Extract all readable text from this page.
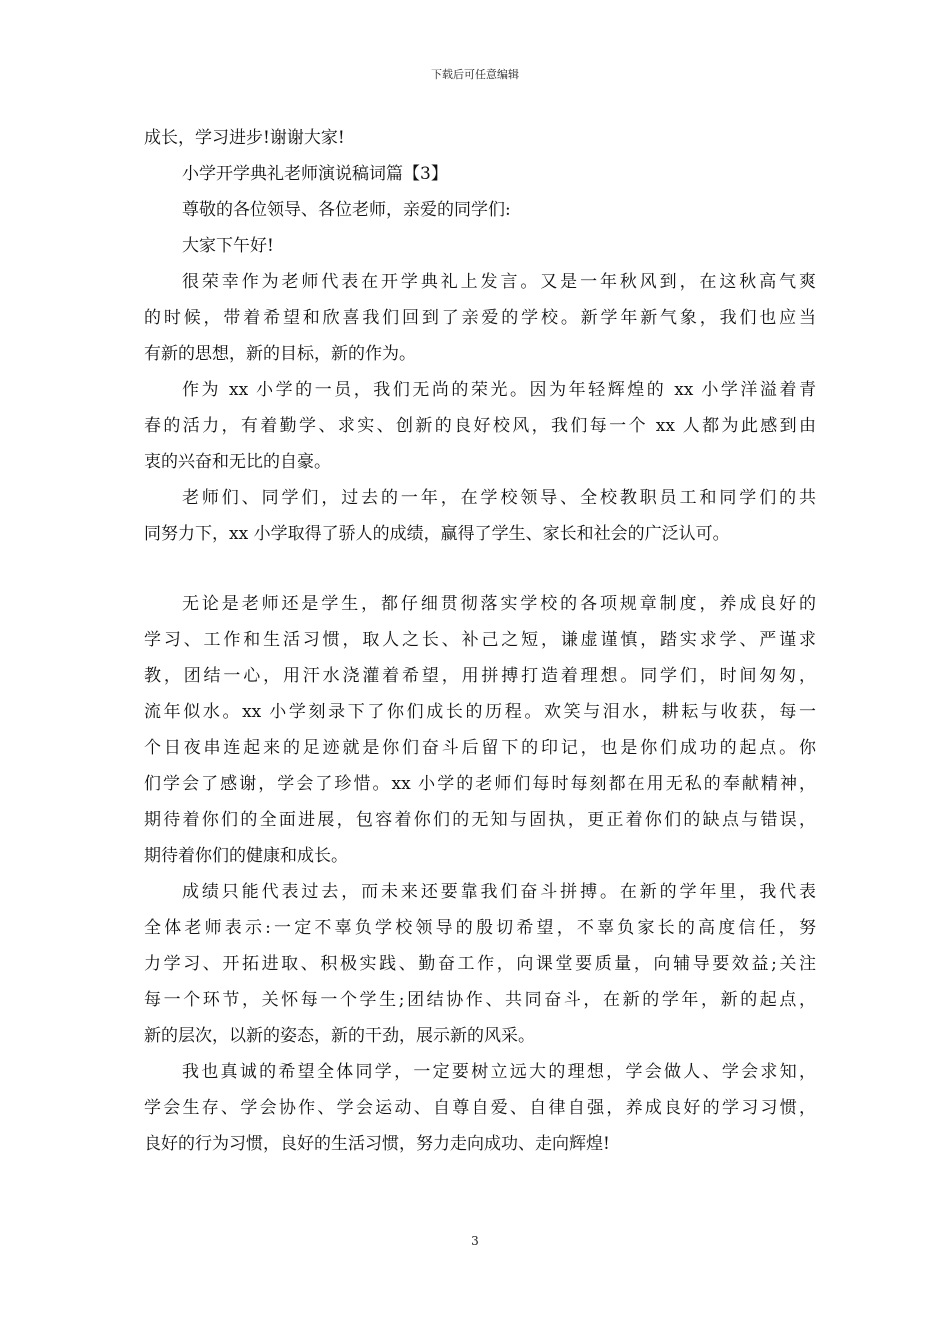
下载后可任意编辑
成长，学习进步!谢谢大家!
小学开学典礼老师演说稿词篇【3】
尊敬的各位领导、各位老师，亲爱的同学们:
大家下午好!
很荣幸作为老师代表在开学典礼上发言。又是一年秋风到，在这秋高气爽
的时候，带着希望和欣喜我们回到了亲爱的学校。新学年新气象，我们也应当
有新的思想，新的目标，新的作为。
作为 xx 小学的一员，我们无尚的荣光。因为年轻辉煌的 xx 小学洋溢着青
春的活力，有着勤学、求实、创新的良好校风，我们每一个 xx 人都为此感到由
衷的兴奋和无比的自豪。
老师们、同学们，过去的一年，在学校领导、全校教职员工和同学们的共
同努力下，xx 小学取得了骄人的成绩，赢得了学生、家长和社会的广泛认可。
无论是老师还是学生，都仔细贯彻落实学校的各项规章制度，养成良好的
学习、工作和生活习惯，取人之长、补己之短，谦虚谨慎，踏实求学、严谨求
教，团结一心，用汗水浇灌着希望，用拼搏打造着理想。同学们，时间匆匆，
流年似水。xx 小学刻录下了你们成长的历程。欢笑与泪水，耕耘与收获，每一
个日夜串连起来的足迹就是你们奋斗后留下的印记，也是你们成功的起点。你
们学会了感谢，学会了珍惜。xx 小学的老师们每时每刻都在用无私的奉献精神，
期待着你们的全面进展，包容着你们的无知与固执，更正着你们的缺点与错误，
期待着你们的健康和成长。
成绩只能代表过去，而未来还要靠我们奋斗拼搏。在新的学年里，我代表
全体老师表示:一定不辜负学校领导的殷切希望，不辜负家长的高度信任，努
力学习、开拓进取、积极实践、勤奋工作，向课堂要质量，向辅导要效益;关注
每一个环节，关怀每一个学生;团结协作、共同奋斗，在新的学年，新的起点，
新的层次，以新的姿态，新的干劲，展示新的风采。
我也真诚的希望全体同学，一定要树立远大的理想，学会做人、学会求知，
学会生存、学会协作、学会运动、自尊自爱、自律自强，养成良好的学习习惯，
良好的行为习惯，良好的生活习惯，努力走向成功、走向辉煌!
3
